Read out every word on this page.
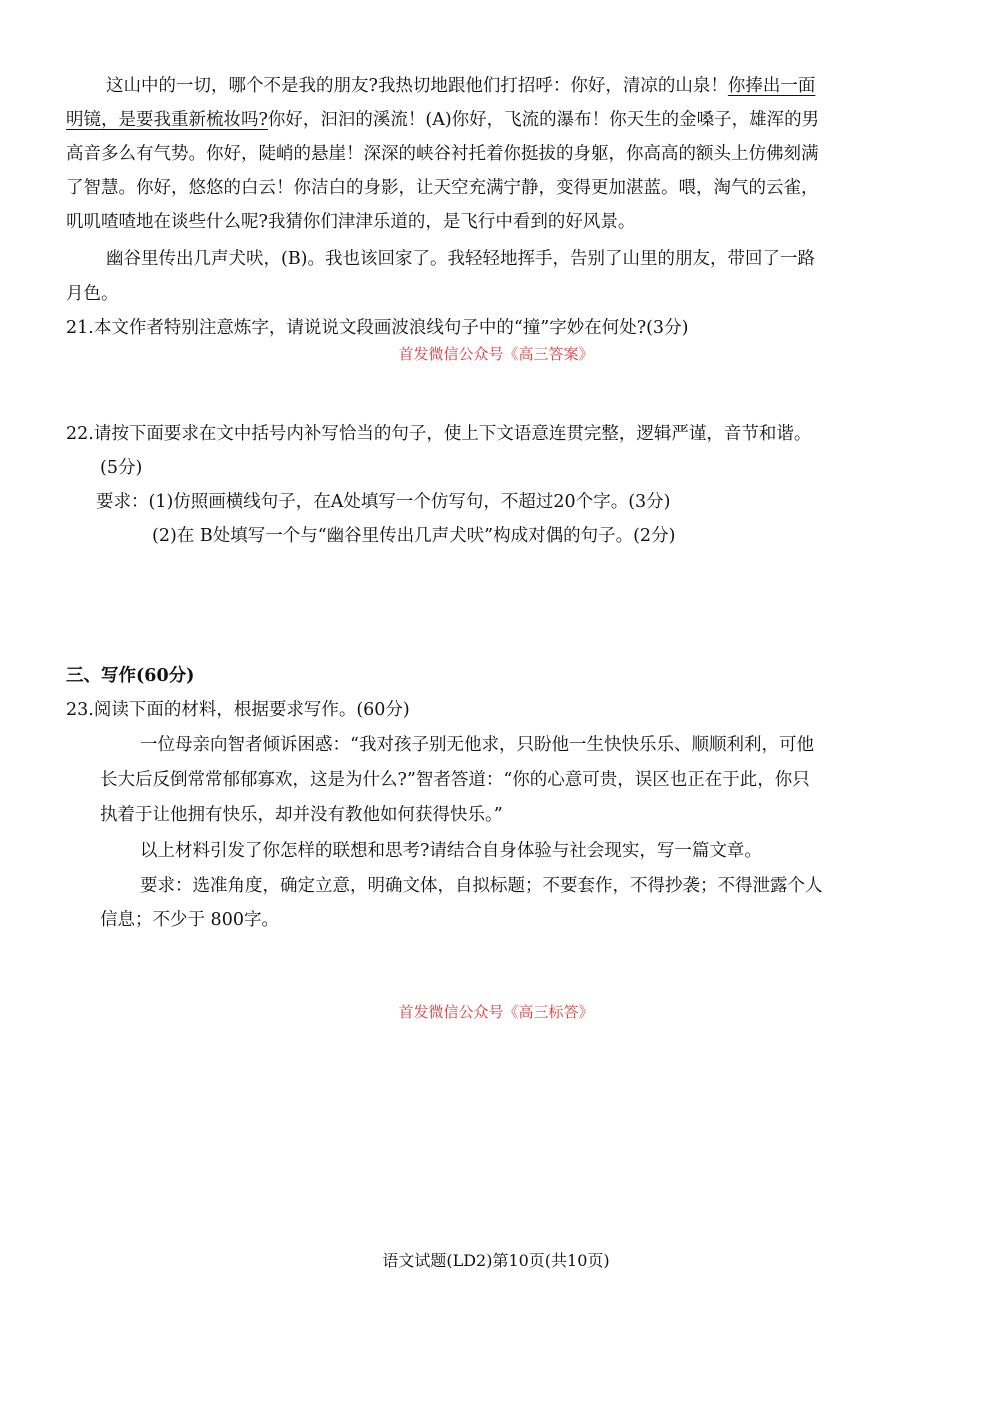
这山中的一切，哪个不是我的朋友?我热切地跟他们打招呼：你好，清凉的山泉！你捧出一面
明镜，是要我重新梳妆吗?你好，汩汩的溪流！(A)你好，飞流的瀑布！你天生的金嗓子，雄浑的男
高音多么有气势。你好，陡峭的悬崖！深深的峡谷衬托着你挺拔的身躯，你高高的额头上仿佛刻满
了智慧。你好，悠悠的白云！你洁白的身影，让天空充满宁静，变得更加湛蓝。喂，淘气的云雀，
叽叽喳喳地在谈些什么呢?我猜你们津津乐道的，是飞行中看到的好风景。
幽谷里传出几声犬吠，(B)。我也该回家了。我轻轻地挥手，告别了山里的朋友，带回了一路
月色。
21.本文作者特别注意炼字，请说说文段画波浪线句子中的“撞”字妙在何处?(3分)
首发微信公众号《高三答案》
22.请按下面要求在文中括号内补写恰当的句子，使上下文语意连贯完整，逻辑严谨，音节和谐。
(5分)
要求：(1)仿照画横线句子，在A处填写一个仿写句，不超过20个字。(3分)
(2)在 B处填写一个与“幽谷里传出几声犬吠”构成对偶的句子。(2分)
三、写作(60分)
23.阅读下面的材料，根据要求写作。(60分)
一位母亲向智者倾诉困惑：“我对孩子别无他求，只盼他一生快快乐乐、顺顺利利，可他
长大后反倒常常郁郁寡欢，这是为什么?”智者答道：“你的心意可贵，误区也正在于此，你只
执着于让他拥有快乐，却并没有教他如何获得快乐。”
以上材料引发了你怎样的联想和思考?请结合自身体验与社会现实，写一篇文章。
要求：选准角度，确定立意，明确文体，自拟标题；不要套作，不得抄袭；不得泄露个人
信息；不少于 800字。
首发微信公众号《高三标答》
语文试题(LD2)第10页(共10页)
